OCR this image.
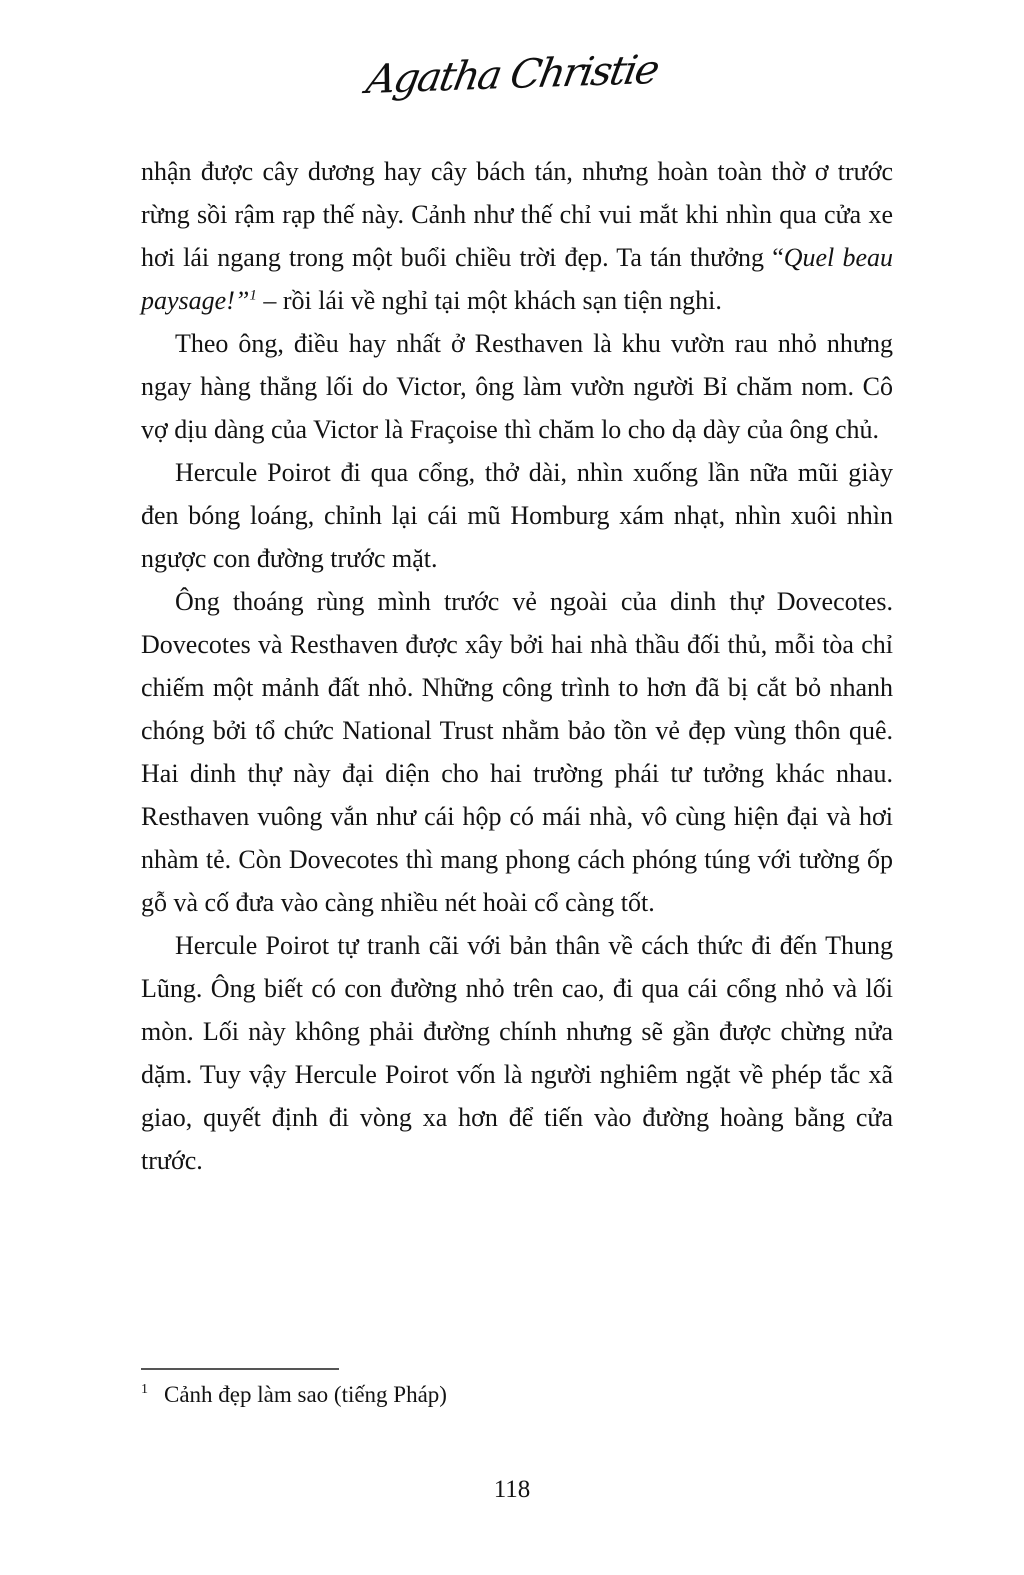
Agatha Christie

nhận được cây dương hay cây bách tán, nhưng hoàn toàn thờ ơ trước rừng sồi rậm rạp thế này. Cảnh như thế chỉ vui mắt khi nhìn qua cửa xe hơi lái ngang trong một buổi chiều trời đẹp. Ta tán thưởng “Quel beau paysage!”$^1$ – rồi lái về nghỉ tại một khách sạn tiện nghi.

Theo ông, điều hay nhất ở Resthaven là khu vườn rau nhỏ nhưng ngay hàng thẳng lối do Victor, ông làm vườn người Bỉ chăm nom. Cô vợ dịu dàng của Victor là Fraçoise thì chăm lo cho dạ dày của ông chủ.

Hercule Poirot đi qua cổng, thở dài, nhìn xuống lần nữa mũi giày đen bóng loáng, chỉnh lại cái mũ Homburg xám nhạt, nhìn xuôi nhìn ngược con đường trước mặt.

Ông thoáng rùng mình trước vẻ ngoài của dinh thự Dovecotes. Dovecotes và Resthaven được xây bởi hai nhà thầu đối thủ, mỗi tòa chỉ chiếm một mảnh đất nhỏ. Những công trình to hơn đã bị cắt bỏ nhanh chóng bởi tổ chức National Trust nhằm bảo tồn vẻ đẹp vùng thôn quê. Hai dinh thự này đại diện cho hai trường phái tư tưởng khác nhau. Resthaven vuông vắn như cái hộp có mái nhà, vô cùng hiện đại và hơi nhàm tẻ. Còn Dovecotes thì mang phong cách phóng túng với tường ốp gỗ và cố đưa vào càng nhiều nét hoài cổ càng tốt.

Hercule Poirot tự tranh cãi với bản thân về cách thức đi đến Thung Lũng. Ông biết có con đường nhỏ trên cao, đi qua cái cổng nhỏ và lối mòn. Lối này không phải đường chính nhưng sẽ gần được chừng nửa dặm. Tuy vậy Hercule Poirot vốn là người nghiêm ngặt về phép tắc xã giao, quyết định đi vòng xa hơn để tiến vào đường hoàng bằng cửa trước.

$^1$ Cảnh đẹp làm sao (tiếng Pháp)

118
